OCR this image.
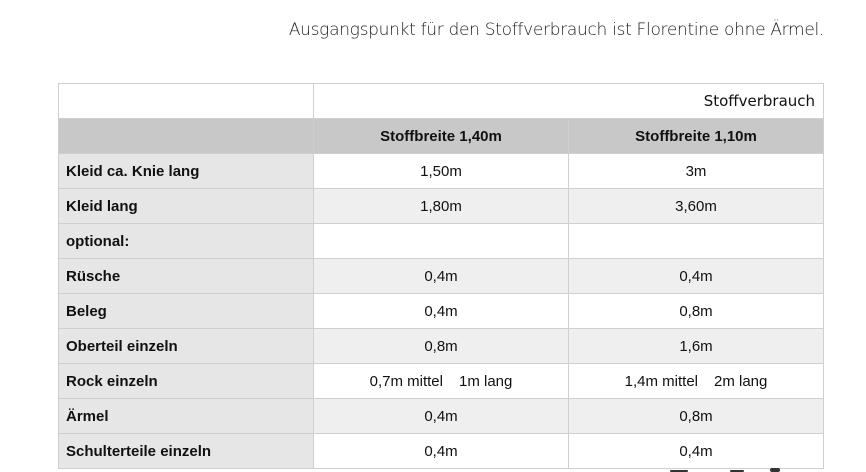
Ausgangspunkt für den Stoffverbrauch ist Florentine ohne Ärmel.
	Stoffverbrauch	
	Stoffbreite 1,40m	Stoffbreite 1,10m
Kleid ca. Knie lang	1,50m	3m
Kleid lang	1,80m	3,60m
optional:		
Rüsche	0,4m	0,4m
Beleg	0,4m	0,8m
Oberteil einzeln	0,8m	1,6m
Rock einzeln	0,7m mittel 1m lang	1,4m mittel 2m lang
Ärmel	0,4m	0,8m
Schulterteile einzeln	0,4m	0,4m
